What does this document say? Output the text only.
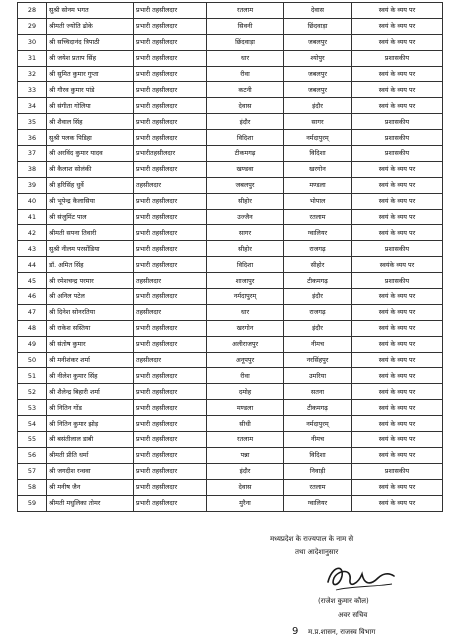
28	सुश्री सोनम भगत	प्रभारी तहसीलदार	रतलाम	देवास	स्वयं के व्यय पर
29	श्रीमती ज्योति ढोके	प्रभारी तहसीलदार	सिवनी	छिंदवाड़ा	स्वयं के व्यय पर
30	श्री सच्चिदानंद त्रिपाठी	प्रभारी तहसीलदार	छिंदवाड़ा	जबलपुर	स्वयं के व्यय पर
31	श्री जयेश प्रताप सिंह	प्रभारी तहसीलदार	धार	श्योपुर	प्रशासकीय
32	श्री सुमित कुमार गुप्ता	प्रभारी तहसीलदार	रीवा	जबलपुर	स्वयं के व्यय पर
33	श्री गौरव कुमार पांडे	प्रभारी तहसीलदार	कटनी	जबलपुर	स्वयं के व्यय पर
34	श्री संगीता गोलिया	प्रभारी तहसीलदार	देवास	इंदौर	स्वयं के व्यय पर
35	श्री शैवाल सिंह	प्रभारी तहसीलदार	इंदौर	सागर	प्रशासकीय
36	सुश्री पलक पिडिहा	प्रभारी तहसीलदार	विदिशा	नर्मदापुरम्	प्रशासकीय
37	श्री अरविंद कुमार यादव	प्रभारीतहसीलदार	टीकमगढ़	विदिशा	प्रशासकीय
38	श्री कैलाश सोलंकी	प्रभारी तहसीलदार	खण्डवा	खरगोन	स्वयं के व्यय पर
39	श्री हरिसिंह धुर्वे	तहसीलदार	जबलपुर	मण्डला	स्वयं के व्यय पर
40	श्री भूपेन्द्र कैलासिया	प्रभारी तहसीलदार	सीहोर	भोपाल	स्वयं के व्यय पर
41	श्री संजुमिंट पाल	प्रभारी तहसीलदार	उज्जैन	रतलाम	स्वयं के व्यय पर
42	श्रीमती सपना तिवारी	प्रभारी तहसीलदार	सागर	ग्वालियर	स्वयं के व्यय पर
43	सुश्री नीलम परसोंडिया	प्रभारी तहसीलदार	सीहोर	राजगढ़	प्रशासकीय
44	डॉ. अमित सिंह	प्रभारी तहसीलदार	विदिशा	सीहोर	स्वयंके व्यय पर
45	श्री रमेशचन्द्र परमार	तहसीलदार	शाजापुर	टीकमगढ़	प्रशासकीय
46	श्री अनिल पटेल	प्रभारी तहसीलदार	नर्मदापुरम्	इंदौर	स्वयं के व्यय पर
47	श्री दिनेश सोनरतिया	तहसीलदार	धार	राजगढ़	स्वयं के व्यय पर
48	श्री राकेश सस्तिया	प्रभारी तहसीलदार	खरगोन	इंदौर	स्वयं के व्यय पर
49	श्री संतोष कुमार	प्रभारी तहसीलदार	अलीराजपुर	नीमच	स्वयं के व्यय पर
50	श्री मनीशंकर शर्मा	तहसीलदार	अनूपपुर	नरसिंहपुर	स्वयं के व्यय पर
51	श्री नीलेश कुमार सिंह	प्रभारी तहसीलदार	रीवा	उमरिया	स्वयं के व्यय पर
52	श्री शैलेन्द्र बिहारी शर्मा	प्रभारी तहसीलदार	दमोह	सतना	स्वयं के व्यय पर
53	श्री नितिन गोंड	प्रभारी तहसीलदार	मण्डला	टीकमगढ़	स्वयं के व्यय पर
54	श्री नितिन कुमार झोड़	प्रभारी तहसीलदार	सीधी	नर्मदापुरम्	स्वयं के व्यय पर
55	श्री बसंतीलाल डाबी	प्रभारी तहसीलदार	रतलाम	नीमच	स्वयं के व्यय पर
56	श्रीमती प्रीति धर्मा	प्रभारी तहसीलदार	पन्ना	विदिशा	स्वयं के व्यय पर
57	श्री जगदीश रन्धवा	प्रभारी तहसीलदार	इंदौर	निवाड़ी	प्रशासकीय
58	श्री मनीष जैन	प्रभारी तहसीलदार	देवास	रतलाम	स्वयं के व्यय पर
59	श्रीमती मधुलिका तोमर	प्रभारी तहसीलदार	मुरैना	ग्वालियर	स्वयं के व्यय पर
मध्यप्रदेश के राज्यपाल के नाम से
तथा आदेशानुसार
(राजेश कुमार कौल)
अवर सचिव
9	म.प्र.शासन, राजस्व विभाग
